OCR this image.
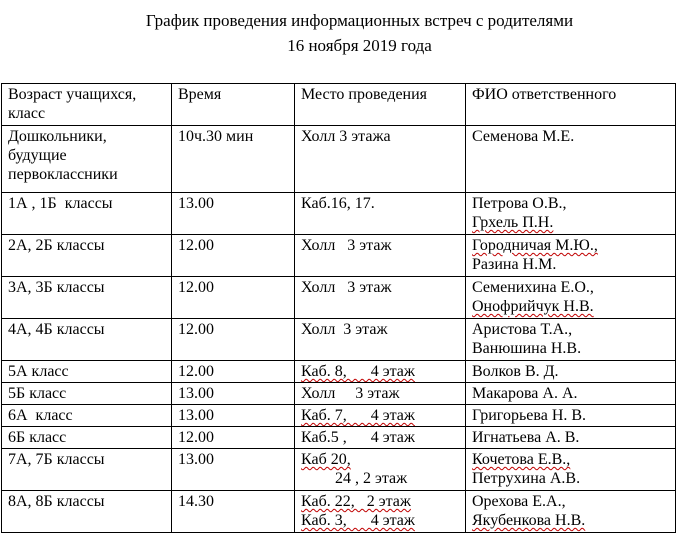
График проведения информационных встреч с родителями
16 ноября 2019 года
Возраст учащихся,
класс	Время	Место проведения	ФИО ответственного

Дошкольники,
будущие
первоклассники	10ч.30 мин	Холл 3 этажа	Семенова М.Е.

1А , 1Б  классы	13.00	Каб.16, 17.	Петрова О.В.,
Грхель П.Н.

2А, 2Б классы	12.00	Холл   3 этаж	Городничая М.Ю.,
Разина Н.М.

3А, 3Б классы	12.00	Холл   3 этаж	Семенихина Е.О.,
Онофрийчук Н.В.

4А, 4Б классы	12.00	Холл  3 этаж	Аристова Т.А.,
Ванюшина Н.В.

5А класс	12.00	Каб. 8,      4 этаж	Волков В. Д.

5Б класс	13.00	Холл     3 этаж	Макарова А. А.

6А  класс	13.00	Каб. 7,      4 этаж	Григорьева Н. В.

6Б класс	12.00	Каб.5 ,      4 этаж	Игнатьева А. В.

7А, 7Б классы	13.00	Каб 20,
24 , 2 этаж	Кочетова Е.В.,
Петрухина А.В.

8А, 8Б классы	14.30	Каб. 22,   2 этаж
Каб. 3,      4 этаж	Орехова Е.А.,
Якубенкова Н.В.
